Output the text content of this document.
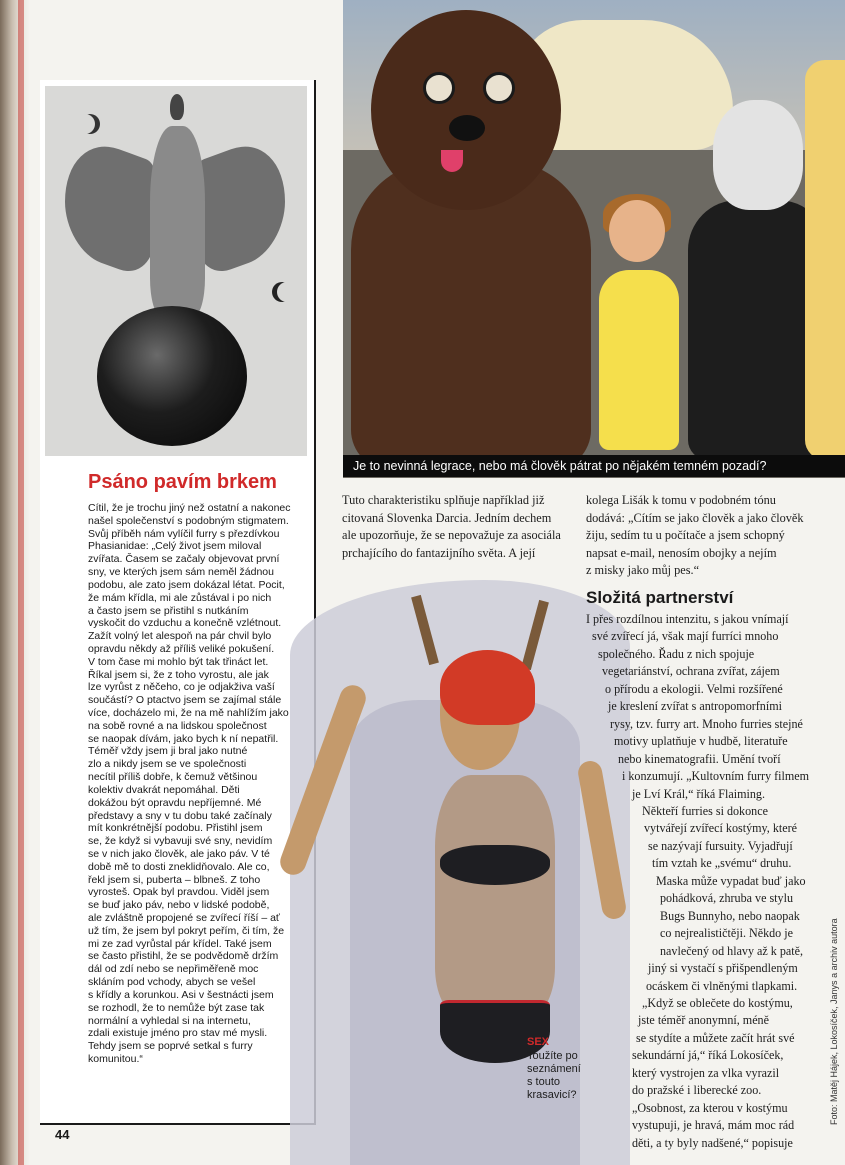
Je to nevinná legrace, nebo má člověk pátrat po nějakém temném pozadí?
Psáno pavím brkem
Cítil, že je trochu jiný než ostatní a nakonec
našel společenství s podobným stigmatem.
Svůj příběh nám vylíčil furry s přezdívkou
Phasianidae: „Celý život jsem miloval
zvířata. Časem se začaly objevovat první
sny, ve kterých jsem sám neměl žádnou
podobu, ale zato jsem dokázal létat. Pocit,
že mám křídla, mi ale zůstával i po nich
a často jsem se přistihl s nutkáním
vyskočit do vzduchu a konečně vzlétnout.
Zažít volný let alespoň na pár chvil bylo
opravdu někdy až příliš veliké pokušení.
V tom čase mi mohlo být tak třináct let.
Říkal jsem si, že z toho vyrostu, ale jak
lze vyrůst z něčeho, co je odjakživa vaší
součástí? O ptactvo jsem se zajímal stále
více, docházelo mi, že na mě nahlížím jako
na sobě rovné a na lidskou společnost
se naopak dívám, jako bych k ní nepatřil.
Téměř vždy jsem ji bral jako nutné
zlo a nikdy jsem se ve společnosti
necítil příliš dobře, k čemuž většinou
kolektiv dvakrát nepomáhal. Děti
dokážou být opravdu nepříjemné. Mé
představy a sny v tu dobu také začínaly
mít konkrétnější podobu. Přistihl jsem
se, že když si vybavuji své sny, nevidím
se v nich jako člověk, ale jako páv. V té
době mě to dosti zneklidňovalo. Ale co,
řekl jsem si, puberta – blbneš. Z toho
vyrosteš. Opak byl pravdou. Viděl jsem
se buď jako páv, nebo v lidské podobě,
ale zvláštně propojené se zvířecí říší – ať
už tím, že jsem byl pokryt peřím, či tím, že
mi ze zad vyrůstal pár křídel. Také jsem
se často přistihl, že se podvědomě držím
dál od zdí nebo se nepřiměřeně moc
skláním pod vchody, abych se vešel
s křídly a korunkou. Asi v šestnácti jsem
se rozhodl, že to nemůže být zase tak
normální a vyhledal si na internetu,
zdali existuje jméno pro stav mé mysli.
Tehdy jsem se poprvé setkal s furry
komunitou.“
44
Tuto charakteristiku splňuje například již
citovaná Slovenka Darcia. Jedním dechem
ale upozorňuje, že se nepovažuje za asociála
prchajícího do fantazijního světa. A její
kolega Lišák k tomu v podobném tónu
dodává: „Cítím se jako člověk a jako člověk
žiju, sedím tu u počítače a jsem schopný
napsat e-mail, nenosím obojky a nejím
z misky jako můj pes.“
Složitá partnerství
I přes rozdílnou intenzitu, s jakou vnímají
své zvířecí já, však mají furríci mnoho
společného. Řadu z nich spojuje
vegetariánství, ochrana zvířat, zájem
o přírodu a ekologii. Velmi rozšířené
je kreslení zvířat s antropomorfními
rysy, tzv. furry art. Mnoho furries stejné
motivy uplatňuje v hudbě, literatuře
nebo kinematografii. Umění tvoří
i konzumují. „Kultovním furry filmem
je Lví Král,“ říká Flaiming.
Někteří furries si dokonce
vytvářejí zvířecí kostýmy, které
se nazývají fursuity. Vyjadřují
tím vztah ke „svému“ druhu.
Maska může vypadat buď jako
pohádková, zhruba ve stylu
Bugs Bunnyho, nebo naopak
co nejrealističtěji. Někdo je
navlečený od hlavy až k patě,
jiný si vystačí s přišpendleným
ocáskem či vlněnými tlapkami.
„Když se oblečete do kostýmu,
jste téměř anonymní, méně
se stydíte a můžete začít hrát své
sekundární já,“ říká Lokosíček,
který vystrojen za vlka vyrazil
do pražské i liberecké zoo.
„Osobnost, za kterou v kostýmu
vystupuji, je hravá, mám moc rád
děti, a ty byly nadšené,“ popisuje
SEX
Toužíte po
seznámení
s touto
krasavicí?	Foto: Matěj Hájek, Lokosíček, Janys a archiv autora
